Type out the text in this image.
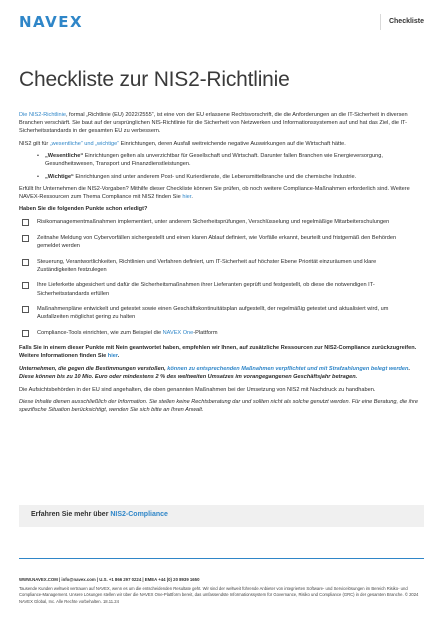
NAVEX	Checkliste
Checkliste zur NIS2-Richtlinie

Die NIS2-Richtlinie, formal „Richtlinie (EU) 2022/2555“, ist eine von der EU erlassene Rechtsvorschrift, die die Anforderungen an die IT-Sicherheit in diversen Branchen verschärft. Sie baut auf der ursprünglichen NIS-Richtlinie für die Sicherheit von Netzwerken und Informationssystemen auf und hat das Ziel, die IT-Sicherheitsstandards in der gesamten EU zu verbessern.

NIS2 gilt für „wesentliche“ und „wichtige“ Einrichtungen, deren Ausfall weitreichende negative Auswirkungen auf die Wirtschaft hätte.

•	„Wesentliche“ Einrichtungen gelten als unverzichtbar für Gesellschaft und Wirtschaft. Darunter fallen Branchen wie Energieversorgung, Gesundheitswesen, Transport und Finanzdienstleistungen.
•	„Wichtige“ Einrichtungen sind unter anderem Post- und Kurierdienste, die Lebensmittelbranche und die chemische Industrie.

Erfüllt Ihr Unternehmen die NIS2-Vorgaben? Mithilfe dieser Checkliste können Sie prüfen, ob noch weitere Compliance-Maßnahmen erforderlich sind. Weitere NAVEX-Ressourcen zum Thema Compliance mit NIS2 finden Sie hier.

Haben Sie die folgenden Punkte schon erledigt?
Risikomanagementmaßnahmen implementiert, unter anderem Sicherheitsprüfungen, Verschlüsselung und regelmäßige Mitarbeiterschulungen
Zeitnahe Meldung von Cybervorfällen sichergestellt und einen klaren Ablauf definiert, wie Vorfälle erkannt, beurteilt und fristgemäß den Behörden gemeldet werden
Steuerung, Verantwortlichkeiten, Richtlinien und Verfahren definiert, um IT-Sicherheit auf höchster Ebene Priorität einzuräumen und klare Zuständigkeiten festzulegen
Ihre Lieferkette abgesichert und dafür die Sicherheitsmaßnahmen ihrer Lieferanten geprüft und festgestellt, ob diese die notwendigen IT-Sicherheitsstandards erfüllen
Maßnahmenpläne entwickelt und getestet sowie einen Geschäftskontinuitätsplan aufgestellt, der regelmäßig getestet und aktualisiert wird, um Ausfallzeiten möglichst gering zu halten
Compliance-Tools einrichten, wie zum Beispiel die NAVEX One-Plattform

Falls Sie in einem dieser Punkte mit Nein geantwortet haben, empfehlen wir Ihnen, auf zusätzliche Ressourcen zur NIS2-Compliance zurückzugreifen. Weitere Informationen finden Sie hier.

Unternehmen, die gegen die Bestimmungen verstoßen, können zu entsprechenden Maßnahmen verpflichtet und mit Strafzahlungen belegt werden. Diese können bis zu 10 Mio. Euro oder mindestens 2 % des weltweiten Umsatzes im vorangegangenen Geschäftsjahr betragen.

Die Aufsichtsbehörden in der EU sind angehalten, die oben genannten Maßnahmen bei der Umsetzung von NIS2 mit Nachdruck zu handhaben.

Diese Inhalte dienen ausschließlich der Information. Sie stellen keine Rechtsberatung dar und sollten nicht als solche genutzt werden. Für eine Beratung, die ihre spezifische Situation berücksichtigt, wenden Sie sich bitte an Ihren Anwalt.

Erfahren Sie mehr über NIS2-Compliance
WWW.NAVEX.COM | info@navex.com | U.S. +1 866 297 0224 | EMEA +44 (0) 20 8939 1650
Tausende Kunden weltweit vertrauen auf NAVEX, wenn es um die entscheidenden Resultate geht. Wir sind der weltweit führende Anbieter von integrierten Software- und Servicelösungen im Bereich Risiko- und Compliance-Management. Unsere Lösungen stellen wir über die NAVEX One-Plattform bereit, das umfassendste Informationssystem für Governance, Risiko und Compliance (GRC) in der gesamten Branche. © 2024 NAVEX Global, Inc. Alle Rechte vorbehalten. 18.11.24
